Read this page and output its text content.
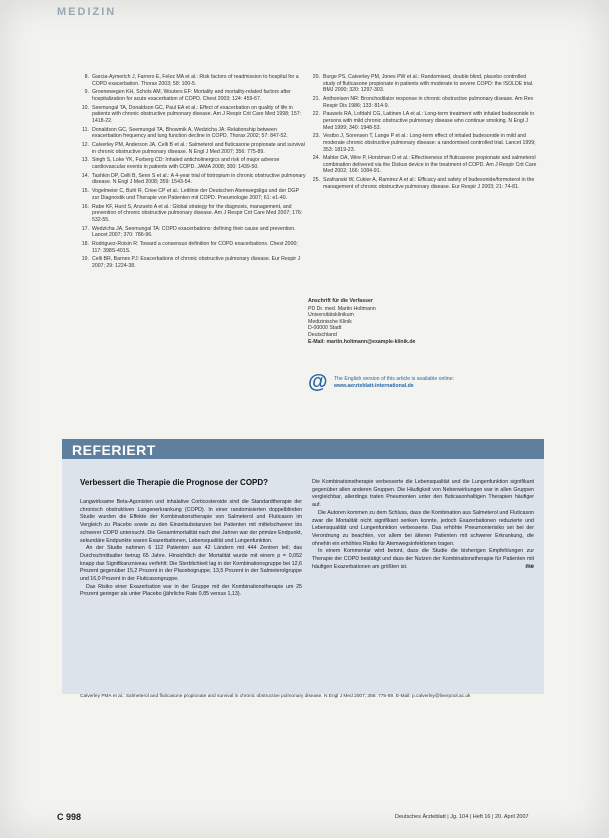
MEDIZIN
8. Garcia-Aymerich J, Farrero E, Felez MA et al.: Risk factors of readmission to hospital for a COPD exacerbation. Thorax 2003; 58: 100-5.
9. Groenewegen KH, Schols AM, Wouters EF: Mortality and mortality-related factors after hospitalization for acute exacerbation of COPD. Chest 2003; 124: 459-67.
10. Seemungal TA, Donaldson GC, Paul EA et al.: Effect of exacerbation on quality of life in patients with chronic obstructive pulmonary disease. Am J Respir Crit Care Med 1998; 157: 1418-22.
11. Donaldson GC, Seemungal TA, Bhowmik A, Wedzicha JA: Relationship between exacerbation frequency and lung function decline in COPD. Thorax 2002; 57: 847-52.
12. Calverley PM, Anderson JA, Celli B et al.: Salmeterol and fluticasone propionate and survival in chronic obstructive pulmonary disease. N Engl J Med 2007; 356: 775-89.
13. Singh S, Loke YK, Furberg CD: Inhaled anticholinergics and risk of major adverse cardiovascular events in patients with COPD. JAMA 2008; 300: 1439-50.
14. Tashkin DP, Celli B, Senn S et al.: A 4-year trial of tiotropium in chronic obstructive pulmonary disease. N Engl J Med 2008; 359: 1543-54.
15. Vogelmeier C, Buhl R, Criee CP et al.: Leitlinie der Deutschen Atemwegsliga und der DGP zur Diagnostik und Therapie von Patienten mit COPD. Pneumologie 2007; 61: e1-40.
16. Rabe KF, Hurd S, Anzueto A et al.: Global strategy for the diagnosis, management, and prevention of chronic obstructive pulmonary disease. Am J Respir Crit Care Med 2007; 176: 532-55.
17. Wedzicha JA, Seemungal TA: COPD exacerbations: defining their cause and prevention. Lancet 2007; 370: 786-96.
18. Rodriguez-Roisin R: Toward a consensus definition for COPD exacerbations. Chest 2000; 117: 398S-401S.
19. Celli BR, Barnes PJ: Exacerbations of chronic obstructive pulmonary disease. Eur Respir J 2007; 29: 1224-38.
20. Burge PS, Calverley PM, Jones PW et al.: Randomised, double blind, placebo controlled study of fluticasone propionate in patients with moderate to severe COPD: the ISOLDE trial. BMJ 2000; 320: 1297-303.
21. Anthonisen NR: Bronchodilator response in chronic obstructive pulmonary disease. Am Rev Respir Dis 1986; 133: 814-9.
22. Pauwels RA, Lofdahl CG, Laitinen LA et al.: Long-term treatment with inhaled budesonide in persons with mild chronic obstructive pulmonary disease who continue smoking. N Engl J Med 1999; 340: 1948-53.
23. Vestbo J, Sorensen T, Lange P et al.: Long-term effect of inhaled budesonide in mild and moderate chronic obstructive pulmonary disease: a randomised controlled trial. Lancet 1999; 353: 1819-23.
24. Mahler DA, Wire P, Horstman D et al.: Effectiveness of fluticasone propionate and salmeterol combination delivered via the Diskus device in the treatment of COPD. Am J Respir Crit Care Med 2002; 166: 1084-91.
25. Szafranski W, Cukier A, Ramirez A et al.: Efficacy and safety of budesonide/formoterol in the management of chronic obstructive pulmonary disease. Eur Respir J 2003; 21: 74-81.
Anschrift für die Verfasser
PD Dr. med. Martin Holtmann
Universitätsklinikum
Medizinische Klinik
D-00000 Stadt
Deutschland
E-Mail: martin.holtmann@example-klinik.de
@ The English version of this article is available online:
www.aerzteblatt-international.de
REFERIERT
Verbessert die Therapie die Prognose der COPD?

Langwirksame Beta-Agonisten und inhalative Corticosteroide sind die Standardtherapie der chronisch obstruktiven Lungenerkrankung (COPD). In einer randomisierten doppelblinden Studie wurden die Effekte der Kombinationstherapie von Salmeterol und Fluticason im Vergleich zu Placebo sowie zu den Einzelsubstanzen bei Patienten mit mittelschwerer bis schwerer COPD untersucht. Die Gesamtmortalität nach drei Jahren war der primäre Endpunkt, sekundäre Endpunkte waren Exazerbationen, Lebensqualität und Lungenfunktion.

An der Studie nahmen 6 112 Patienten aus 42 Ländern mit 444 Zentren teil; das Durchschnittsalter betrug 65 Jahre. Hinsichtlich der Mortalität wurde mit einem p = 0,052 knapp das Signifikanzniveau verfehlt: Die Sterblichkeit lag in der Kombinationsgruppe bei 12,6 Prozent gegenüber 15,2 Prozent in der Placebogruppe, 13,5 Prozent in der Salmeterolgruppe und 16,0 Prozent in der Fluticasongruppe.

Das Risiko einer Exazerbation war in der Gruppe mit der Kombinationstherapie um 25 Prozent geringer als unter Placebo (jährliche Rate 0,85 versus 1,13).

Die Kombinationstherapie verbesserte die Lebensqualität und die Lungenfunktion signifikant gegenüber allen anderen Gruppen. Die Häufigkeit von Nebenwirkungen war in allen Gruppen vergleichbar, allerdings traten Pneumonien unter den fluticasonhaltigen Therapien häufiger auf.

Die Autoren kommen zu dem Schluss, dass die Kombination aus Salmeterol und Fluticason zwar die Mortalität nicht signifikant senken konnte, jedoch Exazerbationen reduzierte und Lebensqualität und Lungenfunktion verbesserte. Das erhöhte Pneumonierisiko sei bei der Verordnung zu beachten, vor allem bei älteren Patienten mit schwerer Erkrankung, die ohnehin ein erhöhtes Risiko für Atemwegsinfektionen tragen.

In einem Kommentar wird betont, dass die Studie die bisherigen Empfehlungen zur Therapie der COPD bestätigt und dass der Nutzen der Kombinationstherapie für Patienten mit häufigen Exazerbationen am größten ist.	me

Calverley PMA et al.: Salmeterol and fluticasone propionate and survival in chronic obstructive pulmonary disease. N Engl J Med 2007; 356: 775-89. E-Mail: p.calverley@liverpool.ac.uk
C 998	Deutsches Ärzteblatt | Jg. 104 | Heft 16 | 20. April 2007
